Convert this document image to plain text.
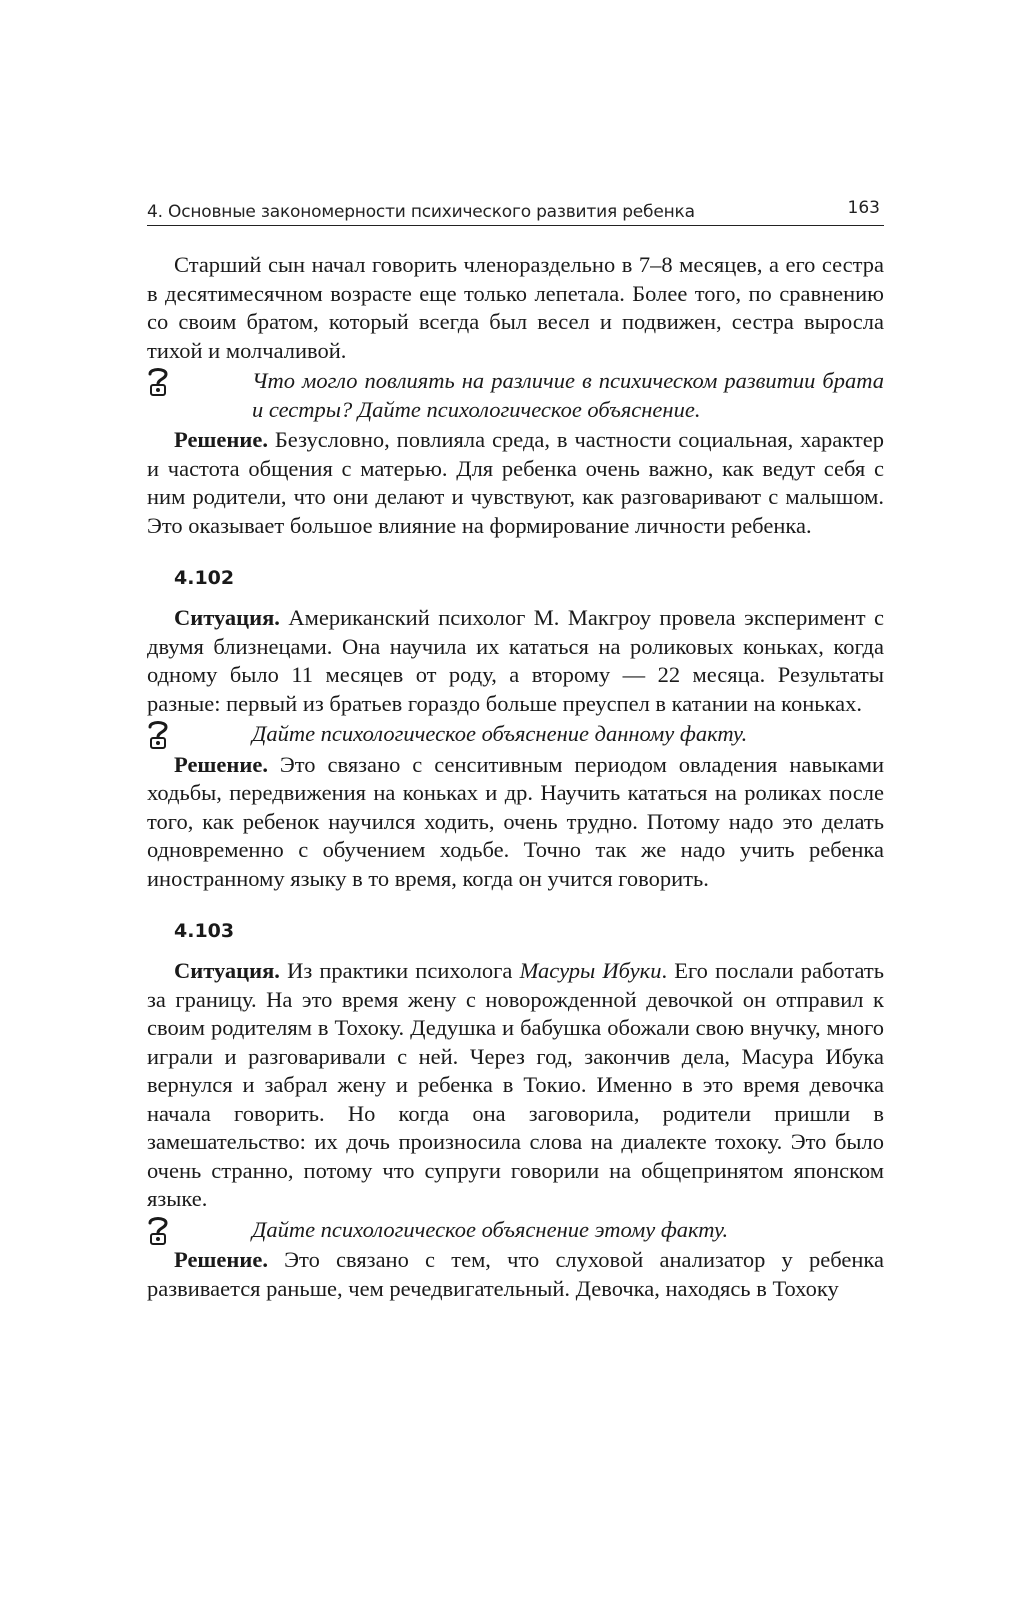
4. Основные закономерности психического развития ребенка	163

Старший сын начал говорить членораздельно в 7–8 месяцев, а его сестра в десятимесячном возрасте еще только лепетала. Более того, по сравнению со своим братом, который всегда был весел и подвижен, сестра выросла тихой и молчаливой.

Что могло повлиять на различие в психическом развитии брата и сестры? Дайте психологическое объяснение.

Решение. Безусловно, повлияла среда, в частности социальная, характер и частота общения с матерью. Для ребенка очень важно, как ведут себя с ним родители, что они делают и чувствуют, как разговаривают с малышом. Это оказывает большое влияние на формирование личности ребенка.

4.102

Ситуация. Американский психолог М. Макгроу провела эксперимент с двумя близнецами. Она научила их кататься на роликовых коньках, когда одному было 11 месяцев от роду, а второму — 22 месяца. Результаты разные: первый из братьев гораздо больше преуспел в катании на коньках.

Дайте психологическое объяснение данному факту.

Решение. Это связано с сенситивным периодом овладения навыками ходьбы, передвижения на коньках и др. Научить кататься на роликах после того, как ребенок научился ходить, очень трудно. Потому надо это делать одновременно с обучением ходьбе. Точно так же надо учить ребенка иностранному языку в то время, когда он учится говорить.

4.103

Ситуация. Из практики психолога Масуры Ибуки. Его послали работать за границу. На это время жену с новорожденной девочкой он отправил к своим родителям в Тохоку. Дедушка и бабушка обожали свою внучку, много играли и разговаривали с ней. Через год, закончив дела, Масура Ибука вернулся и забрал жену и ребенка в Токио. Именно в это время девочка начала говорить. Но когда она заговорила, родители пришли в замешательство: их дочь произносила слова на диалекте тохоку. Это было очень странно, потому что супруги говорили на общепринятом японском языке.

Дайте психологическое объяснение этому факту.

Решение. Это связано с тем, что слуховой анализатор у ребенка развивается раньше, чем речедвигательный. Девочка, находясь в Тохоку
